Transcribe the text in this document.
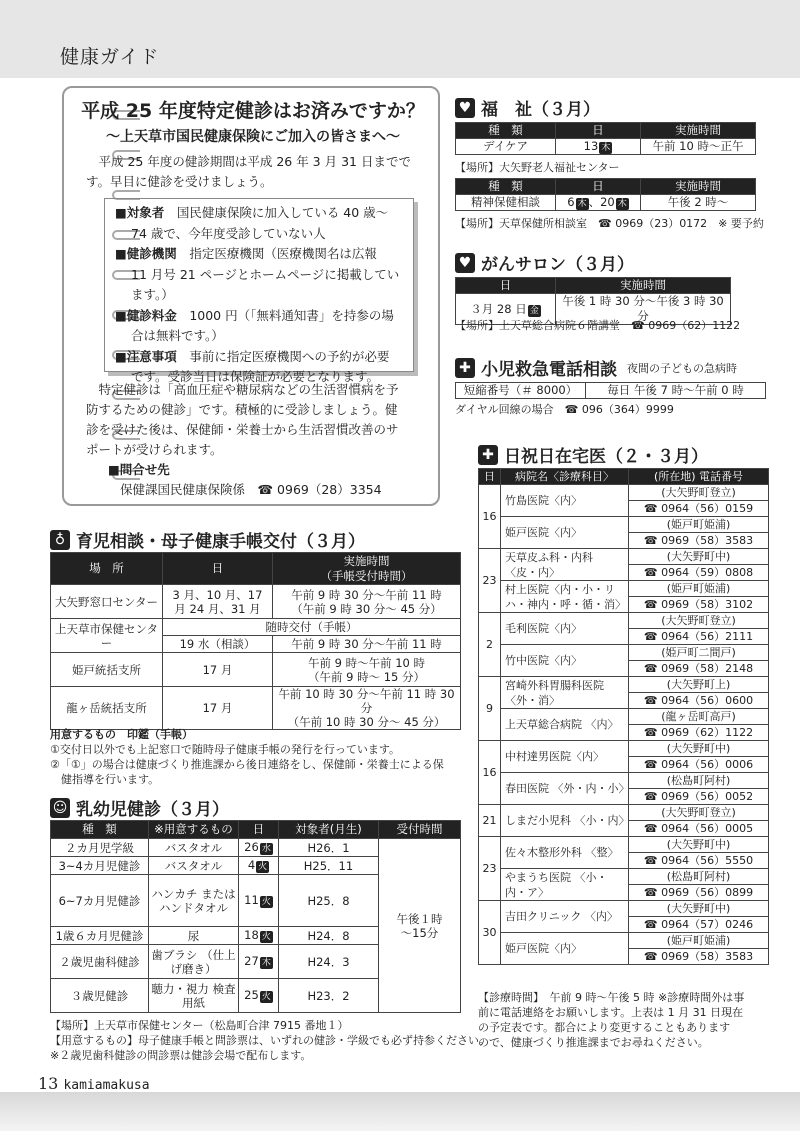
健康ガイド
平成 25 年度特定健診はお済みですか？
～上天草市国民健康保険にご加入の皆さまへ～
平成 25 年度の健診期間は平成 26 年 3 月 31 日までで
す。早目に健診を受けましょう。
■対象者　 国民健康保険に加入している 40 歳～
74 歳で、今年度受診していない人
■健診機関　 指定医療機関（医療機関名は広報
11 月号 21 ページとホームページに掲載してい
ます。）
■健診料金　 1000 円（「無料通知書」を持参の場
合は無料です。）
■注意事項　 事前に指定医療機関への予約が必要
です。受診当日は保険証が必要となります。
特定健診は「高血圧症や糖尿病などの生活習慣病を予
防するための健診」です。積極的に受診しましょう。健
診を受けた後は、保健師・栄養士から生活習慣改善のサ
ポートが受けられます。
■問合せ先
保健課国民健康保険係　☎ 0969（28）3354
♥ 福　祉（３月）
種　類	日	実施時間
デイケア	13 木	午前 10 時～正午
【場所】大矢野老人福祉センター
種　類	日	実施時間
精神保健相談	6 木 、20 木	午後 2 時～
【場所】天草保健所相談室　☎ 0969（23）0172　※ 要予約
♥ がんサロン（３月）
日	実施時間
３月 28 日 金	午後 1 時 30 分～午後 3 時 30 分
【場所】上天草総合病院６階講堂　☎ 0969（62）1122
✚ 小児救急電話相談 夜間の子どもの急病時
短縮番号（＃ 8000）	毎日 午後 7 時～午前 0 時
ダイヤル回線の場合　☎ 096（364）9999
♁ 育児相談・母子健康手帳交付（３月）
場　所	日	実施時間
（手帳受付時間）

大矢野窓口センター	3 月、10 月、17 月 24 月、31 月	午前 9 時 30 分～午前 11 時
（午前 9 時 30 分～ 45 分）

上天草市保健センター	随時交付（手帳）	
	19 水（相談）	午前 9 時 30 分～午前 11 時
姫戸統括支所	17 月	午前 9 時～午前 10 時
（午前 9 時～ 15 分）

龍ヶ岳統括支所	17 月	午前 10 時 30 分～午前 11 時 30 分
（午前 10 時 30 分～ 45 分）
用意するもの　印鑑（手帳）
①交付日以外でも上記窓口で随時母子健康手帳の発行を行っています。
②「①」の場合は健康づくり推進課から後日連絡をし、保健師・栄養士による保
　健指導を行います。
☺ 乳幼児健診（３月）
種　類	※用意するもの	日	対象者(月生)	受付時間
２カ月児学級	バスタオル	26 水	H26．1	午後１時
～15分

3~4カ月児健診	バスタオル	4 火	H25．11	
6~7カ月児健診	ハンカチ または ハンドタオル	11 火	H25．8	
1歳６カ月児健診	尿	18 火	H24．8	
２歳児歯科健診	歯ブラシ （仕上げ磨き）	27 木	H24．3	
３歳児健診	聴力・視力 検査用紙	25 火	H23．2	
【場所】上天草市保健センター（松島町合津 7915 番地１）
【用意するもの】母子健康手帳と問診票は、いずれの健診・学級でも必ず持参ください。
※２歳児歯科健診の問診票は健診会場で配布します。
✚ 日祝日在宅医（２・３月）
日	病院名〈診療科目〉	(所在地) 電話番号
16	竹島医院〈内〉	(大矢野町登立)
		☎ 0964（56）0159
	姫戸医院〈内〉	(姫戸町姫浦)
		☎ 0969（58）3583
23	天草皮ふ科・内科 〈皮・内〉	(大矢野町中)
		☎ 0964（59）0808
	村上医院〈内・小・リ ハ・神内・呼・循・消〉	(姫戸町姫浦)
		☎ 0969（58）3102
2	毛利医院〈内〉	(大矢野町登立)
		☎ 0964（56）2111
	竹中医院〈内〉	(姫戸町二間戸)
		☎ 0969（58）2148
9	宮崎外科胃腸科医院 〈外・消〉	(大矢野町上)
		☎ 0964（56）0600
	上天草総合病院 〈内〉	(龍ヶ岳町高戸)
		☎ 0969（62）1122
16	中村達男医院〈内〉	(大矢野町中)
		☎ 0964（56）0006
	春田医院 〈外・内・小〉	(松島町阿村)
		☎ 0969（56）0052
21	しまだ小児科 〈小・内〉	(大矢野町登立)
		☎ 0964（56）0005
23	佐々木整形外科 〈整〉	(大矢野町中)
		☎ 0964（56）5550
	やまうち医院 〈小・内・ア〉	(松島町阿村)
		☎ 0969（56）0899
30	吉田クリニック 〈内〉	(大矢野町中)
		☎ 0964（57）0246
	姫戸医院〈内〉	(姫戸町姫浦)
		☎ 0969（58）3583
【診療時間】　午前 9 時～午後 5 時 ※診療時間外は事
前に電話連絡をお願いします。上表は 1 月 31 日現在
の予定表です。都合により変更することもあります
ので、健康づくり推進課までお尋ねください。
13 kamiamakusa
